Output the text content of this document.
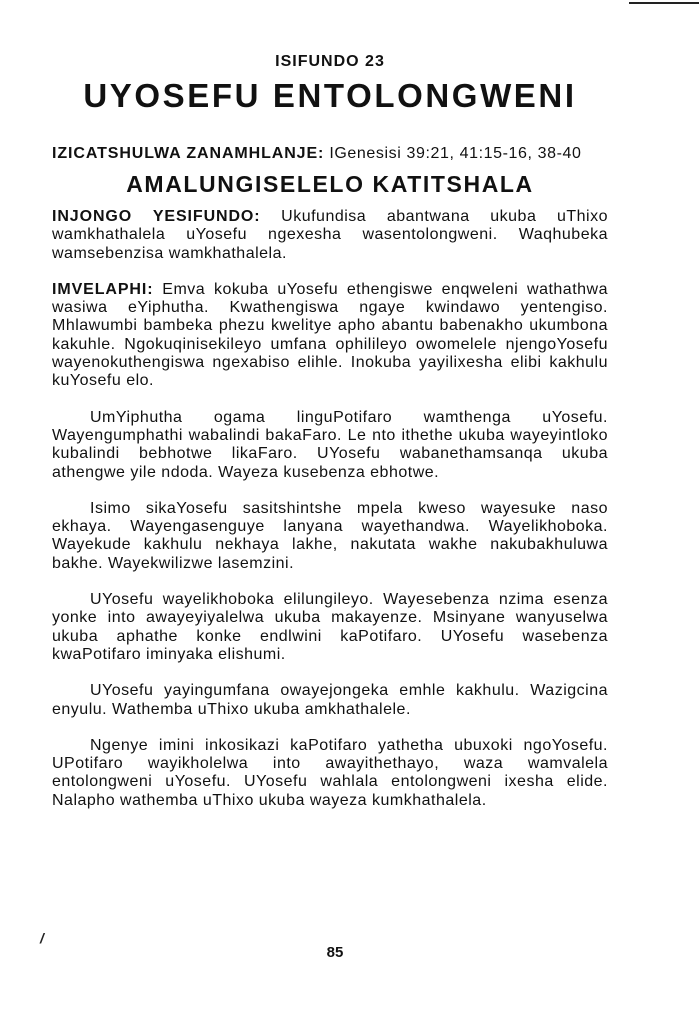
ISIFUNDO 23
UYOSEFU ENTOLONGWENI
IZICATSHULWA ZANAMHLANJE: IGenesisi 39:21, 41:15-16, 38-40
AMALUNGISELELO KATITSHALA

INJONGO YESIFUNDO: Ukufundisa abantwana ukuba uThixo wamkhathalela uYosefu ngexesha wasentolongweni. Waqhubeka wamsebenzisa wamkhathalela.

IMVELAPHI: Emva kokuba uYosefu ethengiswe enqweleni wathathwa wasiwa eYiphutha. Kwathengiswa ngaye kwindawo yentengiso. Mhlawumbi bambeka phezu kwelitye apho abantu babenakho ukumbona kakuhle. Ngokuqinisekileyo umfana ophilileyo owomelele njengoYosefu wayenokuthengiswa ngexabiso elihle. Inokuba yayilixesha elibi kakhulu kuYosefu elo.

UmYiphutha ogama linguPotifaro wamthenga uYosefu. Wayengumphathi wabalindi bakaFaro. Le nto ithethe ukuba wayeyintloko kubalindi bebhotwe likaFaro. UYosefu wabanethamsanqa ukuba athengwe yile ndoda. Wayeza kusebenza ebhotwe.

Isimo sikaYosefu sasitshintshe mpela kweso wayesuke naso ekhaya. Wayengasenguye lanyana wayethandwa. Wayelikhoboka. Wayekude kakhulu nekhaya lakhe, nakutata wakhe nakubakhuluwa bakhe. Wayekwilizwe lasemzini.

UYosefu wayelikhoboka elilungileyo. Wayesebenza nzima esenza yonke into awayeyiyalelwa ukuba makayenze. Msinyane wanyuselwa ukuba aphathe konke endlwini kaPotifaro. UYosefu wasebenza kwaPotifaro iminyaka elishumi.

UYosefu yayingumfana owayejongeka emhle kakhulu. Wazigcina enyulu. Wathemba uThixo ukuba amkhathalele.

Ngenye imini inkosikazi kaPotifaro yathetha ubuxoki ngoYosefu. UPotifaro wayikholelwa into awayithethayo, waza wamvalela entolongweni uYosefu. UYosefu wahlala entolongweni ixesha elide. Nalapho wathemba uThixo ukuba wayeza kumkhathalela.

/
85
